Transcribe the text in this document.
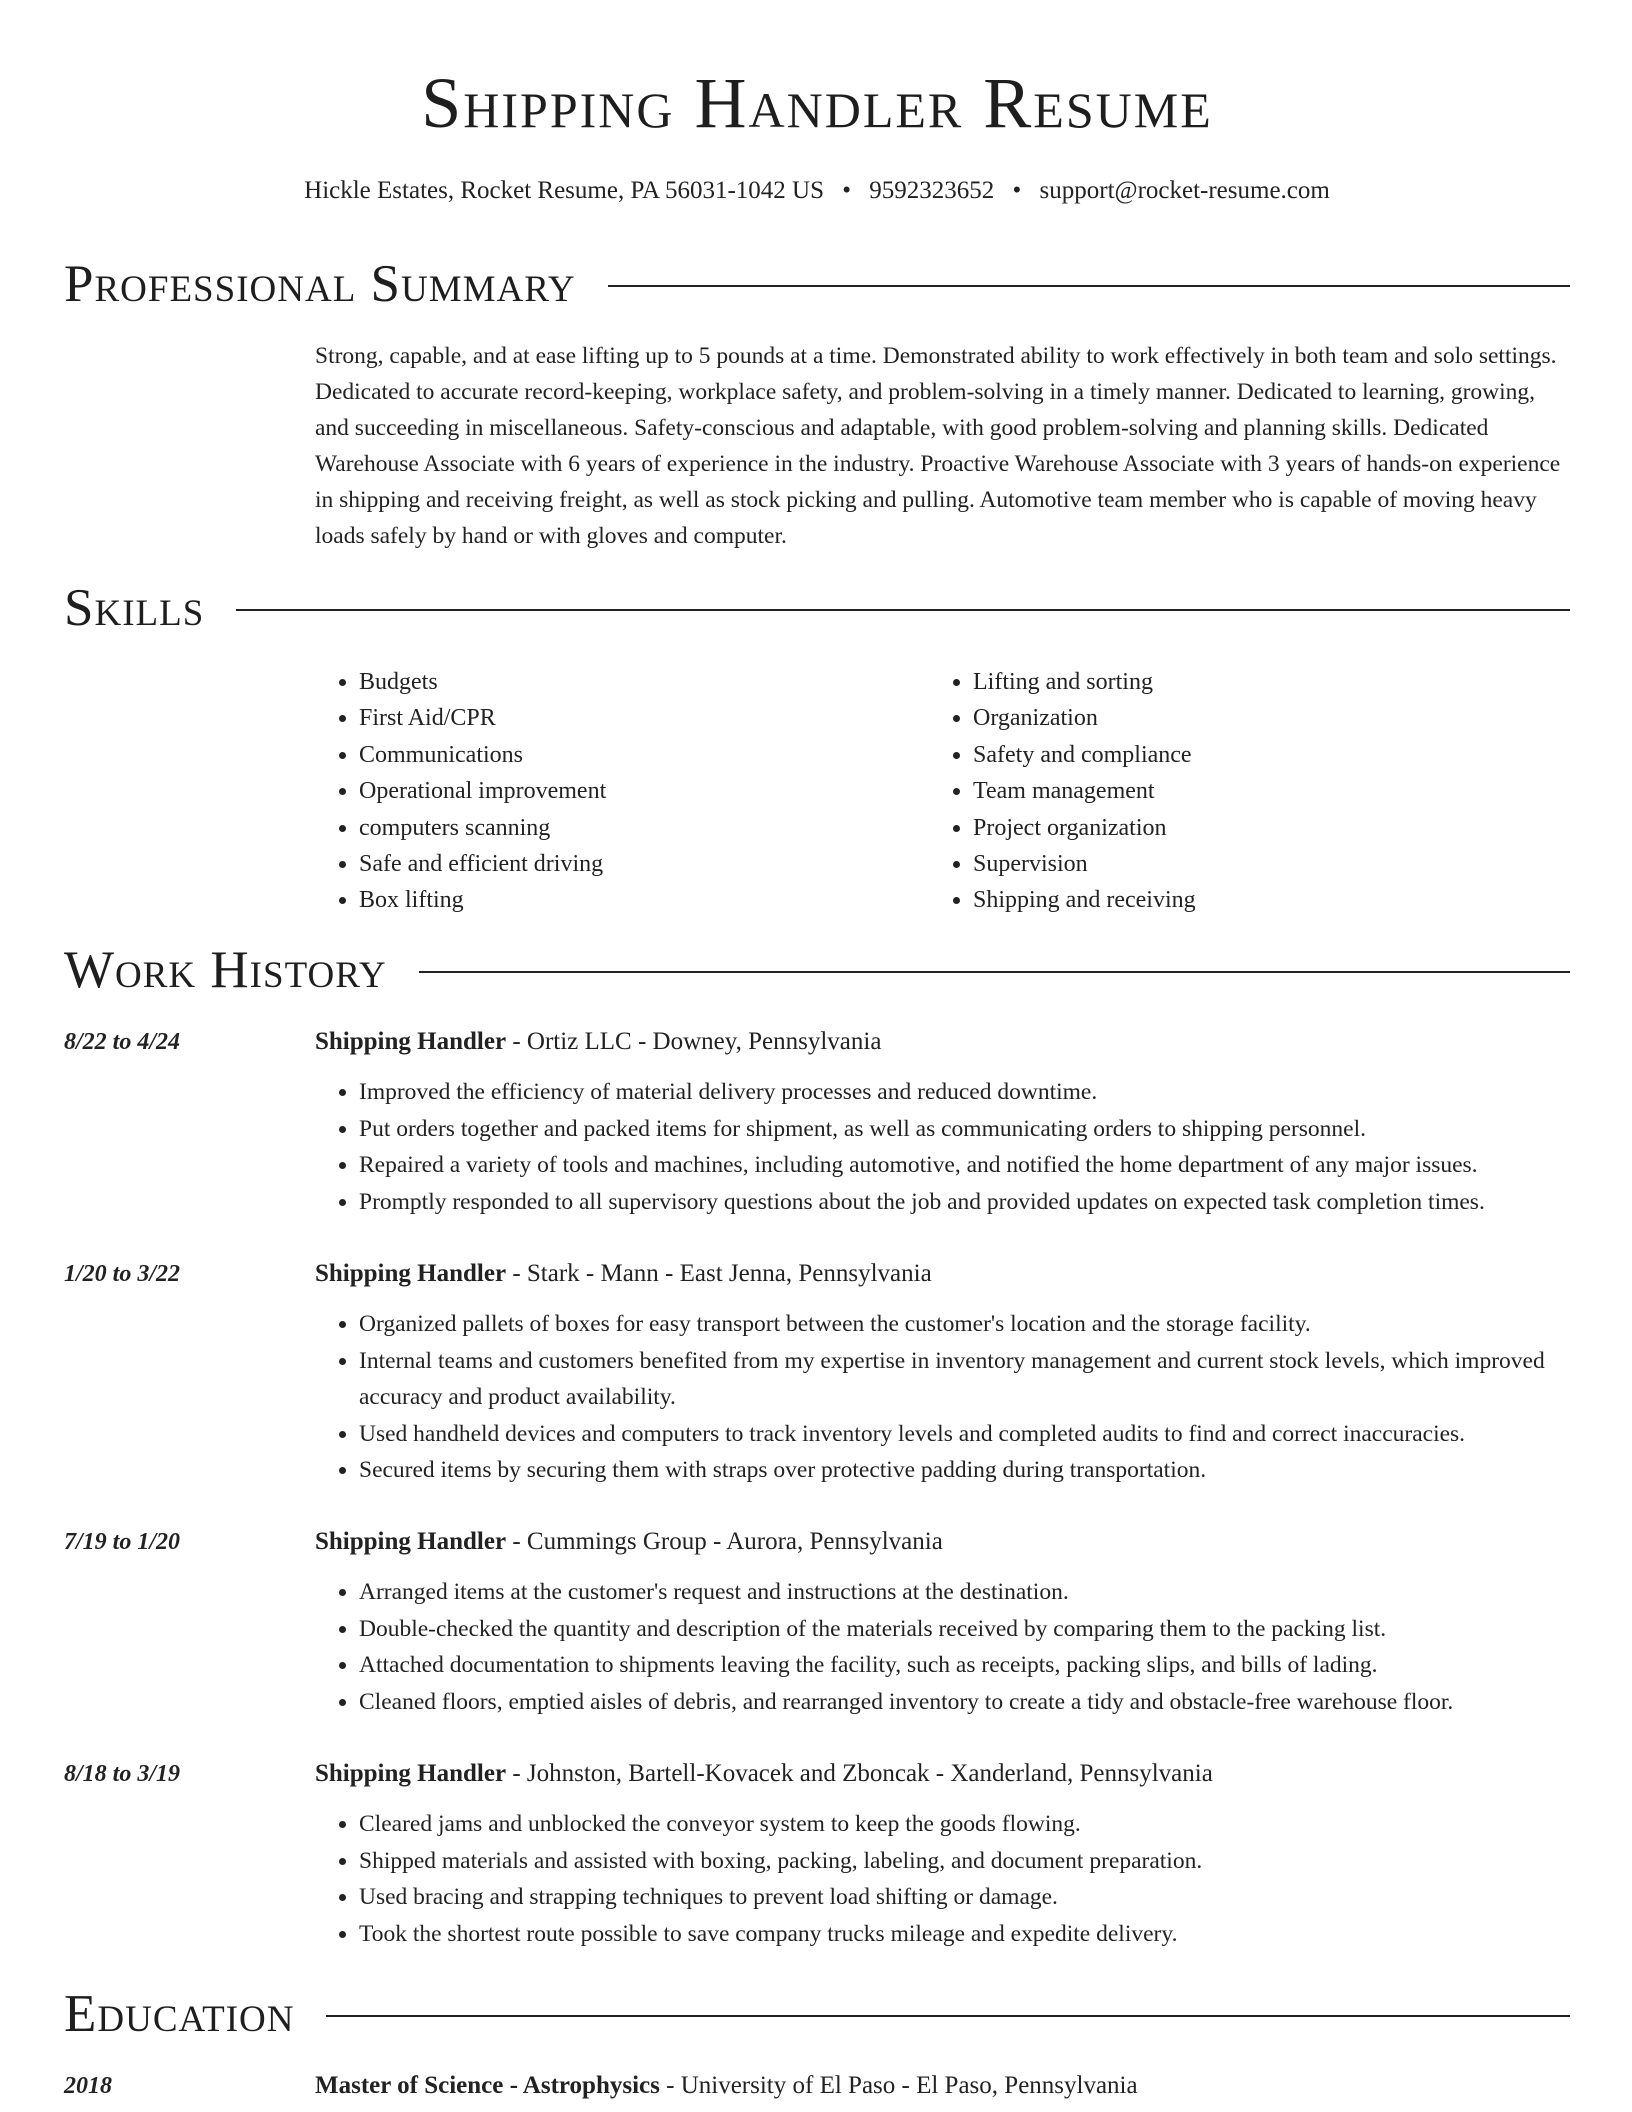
Shipping Handler Resume
Hickle Estates, Rocket Resume, PA 56031-1042 US • 9592323652 • support@rocket-resume.com
Professional Summary
Strong, capable, and at ease lifting up to 5 pounds at a time. Demonstrated ability to work effectively in both team and solo settings. Dedicated to accurate record-keeping, workplace safety, and problem-solving in a timely manner. Dedicated to learning, growing, and succeeding in miscellaneous. Safety-conscious and adaptable, with good problem-solving and planning skills. Dedicated Warehouse Associate with 6 years of experience in the industry. Proactive Warehouse Associate with 3 years of hands-on experience in shipping and receiving freight, as well as stock picking and pulling. Automotive team member who is capable of moving heavy loads safely by hand or with gloves and computer.
Skills
• Budgets
• First Aid/CPR
• Communications
• Operational improvement
• computers scanning
• Safe and efficient driving
• Box lifting
• Lifting and sorting
• Organization
• Safety and compliance
• Team management
• Project organization
• Supervision
• Shipping and receiving
Work History
8/22 to 4/24	Shipping Handler - Ortiz LLC - Downey, Pennsylvania
• Improved the efficiency of material delivery processes and reduced downtime.
• Put orders together and packed items for shipment, as well as communicating orders to shipping personnel.
• Repaired a variety of tools and machines, including automotive, and notified the home department of any major issues.
• Promptly responded to all supervisory questions about the job and provided updates on expected task completion times.
1/20 to 3/22	Shipping Handler - Stark - Mann - East Jenna, Pennsylvania
• Organized pallets of boxes for easy transport between the customer's location and the storage facility.
• Internal teams and customers benefited from my expertise in inventory management and current stock levels, which improved accuracy and product availability.
• Used handheld devices and computers to track inventory levels and completed audits to find and correct inaccuracies.
• Secured items by securing them with straps over protective padding during transportation.
7/19 to 1/20	Shipping Handler - Cummings Group - Aurora, Pennsylvania
• Arranged items at the customer's request and instructions at the destination.
• Double-checked the quantity and description of the materials received by comparing them to the packing list.
• Attached documentation to shipments leaving the facility, such as receipts, packing slips, and bills of lading.
• Cleaned floors, emptied aisles of debris, and rearranged inventory to create a tidy and obstacle-free warehouse floor.
8/18 to 3/19	Shipping Handler - Johnston, Bartell-Kovacek and Zboncak - Xanderland, Pennsylvania
• Cleared jams and unblocked the conveyor system to keep the goods flowing.
• Shipped materials and assisted with boxing, packing, labeling, and document preparation.
• Used bracing and strapping techniques to prevent load shifting or damage.
• Took the shortest route possible to save company trucks mileage and expedite delivery.
Education
2018	Master of Science - Astrophysics - University of El Paso - El Paso, Pennsylvania
